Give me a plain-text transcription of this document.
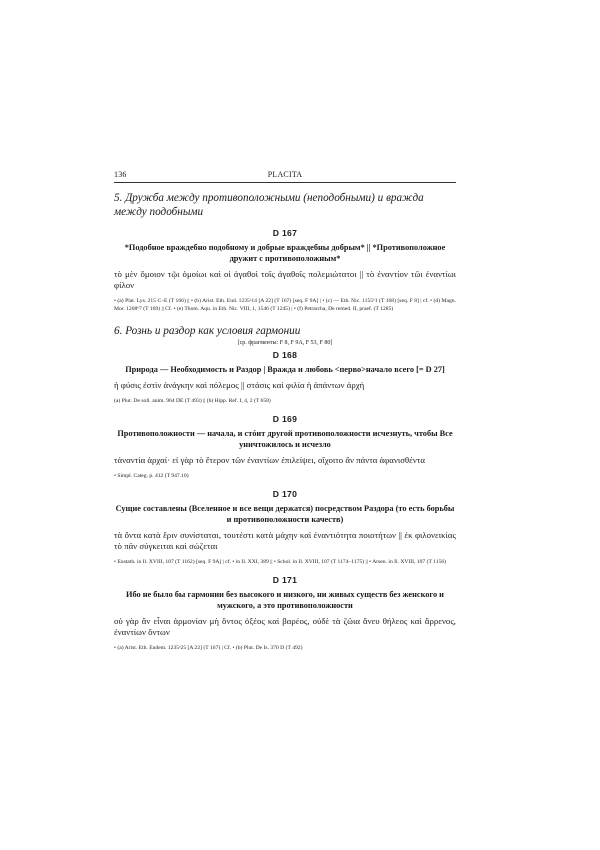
136	PLACITA
5. Дружба между противоположными (неподобными) и вражда между подобными
D 167
*Подобное враждебно подобному и добрые враждебны добрым* || *Противоположное дружит с противоположным*
τὸ μὲν ὅμοιον τῷι ὁμοίωι καὶ οἱ ἀγαθοὶ τοῖς ἀγαθοῖς πολεμιώτατοι || τὸ ἐναντίον τῶι ἐναντίωι φίλον
• (a) Plat. Lys. 215 C–E (T 166) || • (b) Arist. Eth. Eud. 1235ᵃ14 [A 22] (T 167) [seq. F 9A] | • (c) — Eth. Nic. 1155ᵇ1 (T 168) [seq. F 8] | cf. • (d) Magn. Mor. 1208ᵇ7 (T 169) || Cf. • (e) Thom. Aqu. in Eth. Nic. VIII, 1, 1546 (T 1245) | • (f) Petrarcha, De remed. II, praef. (T 1285)
6. Рознь и раздор как условия гармонии
[ср. фрагменты: F 8, F 9A, F 53, F 80]
D 168
Природа — Необходимость и Раздор | Вражда и любовь <перво>начало всего [= D 27]
ἡ φύσις ἐστὶν ἀνάγκην καὶ πόλεμος || στάσις καὶ φιλία ἡ ἁπάντων ἀρχή
(a) Plut. De soll. anim. 964 DE (T 493) || (b) Hipp. Ref. I, 4, 2 (T 658)
D 169
Противоположности — начала, и стóит другой противоположности исчезнуть, чтобы Все уничтожилось и исчезло
τἀναντία ἀρχαί· εἰ γὰρ τὸ ἕτερον τῶν ἐναντίων ἐπιλείψει, οἴχοιτο ἂν πάντα ἀφανισθέντα
• Simpl. Categ. p. 412 (T 947.10)
D 170
Сущие составлены (Вселенное и все вещи держатся) посредством Раздора (то есть борьбы и противоположности качеств)
τὰ ὄντα κατὰ ἔριν συνίσταται, τουτέστι κατὰ μάχην καὶ ἐναντιότητα ποιοτήτων || ἐκ φιλονεικίας τὸ πᾶν σύγκειται καὶ σώζεται
• Eustath. in Il. XVIII, 107 (T 1162) [seq. F 9A] | cf. • in Il. XXI, 389 || • Schol. in Il. XVIII, 107 (T 1174–1175) || • Arsen. in Il. XVIII, 107 (T 1156)
D 171
Ибо не было бы гармонии без высокого и низкого, ни живых существ без женского и мужского, а это противоположности
οὐ γὰρ ἂν εἶναι ἁρμονίαν μὴ ὄντος ὀξέος καὶ βαρέος, οὐδὲ τὰ ζῶια ἄνευ θήλεος καὶ ἄρρενος, ἐναντίων ὄντων
• (a) Arist. Eth. Eudem. 1235ᵃ25 [A 22] (T 167) | Cf. • (b) Plut. De Is. 370 D (T 492)
